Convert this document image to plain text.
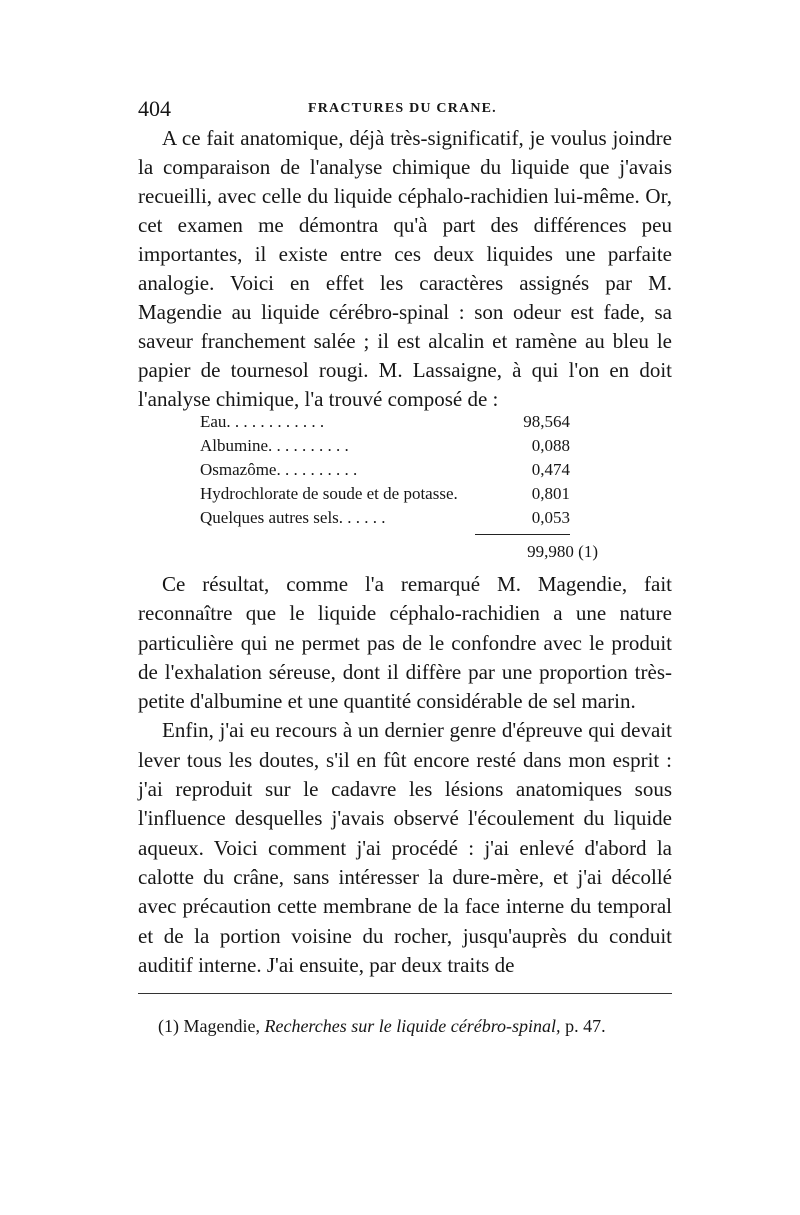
404	FRACTURES DU CRANE.

A ce fait anatomique, déjà très-significatif, je voulus joindre la comparaison de l'analyse chimique du liquide que j'avais recueilli, avec celle du liquide céphalo-rachidien lui-même. Or, cet examen me démontra qu'à part des différences peu importantes, il existe entre ces deux liquides une parfaite analogie. Voici en effet les caractères assignés par M. Magendie au liquide cérébro-spinal : son odeur est fade, sa saveur franchement salée ; il est alcalin et ramène au bleu le papier de tournesol rougi. M. Lassaigne, à qui l'on en doit l'analyse chimique, l'a trouvé composé de :

Eau. . . . . . . . . . . .	98,564
Albumine. . . . . . . . . .	0,088
Osmazôme. . . . . . . . . .	0,474
Hydrochlorate de soude et de potasse.	0,801
Quelques autres sels. . . . . .	0,053
99,980 (1)

Ce résultat, comme l'a remarqué M. Magendie, fait reconnaître que le liquide céphalo-rachidien a une nature particulière qui ne permet pas de le confondre avec le produit de l'exhalation séreuse, dont il diffère par une proportion très-petite d'albumine et une quantité considérable de sel marin.

Enfin, j'ai eu recours à un dernier genre d'épreuve qui devait lever tous les doutes, s'il en fût encore resté dans mon esprit : j'ai reproduit sur le cadavre les lésions anatomiques sous l'influence desquelles j'avais observé l'écoulement du liquide aqueux. Voici comment j'ai procédé : j'ai enlevé d'abord la calotte du crâne, sans intéresser la dure-mère, et j'ai décollé avec précaution cette membrane de la face interne du temporal et de la portion voisine du rocher, jusqu'auprès du conduit auditif interne. J'ai ensuite, par deux traits de

(1) Magendie, Recherches sur le liquide cérébro-spinal, p. 47.
